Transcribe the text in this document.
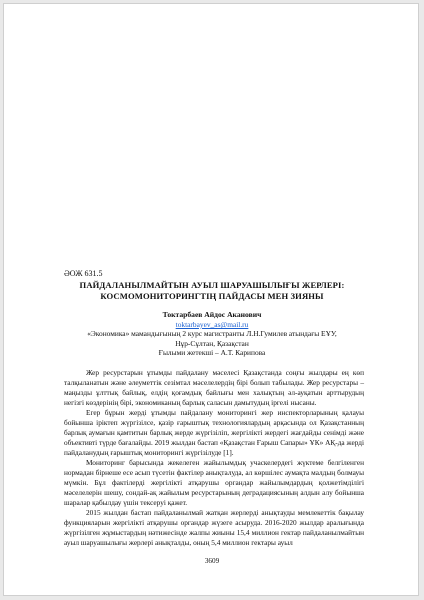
ӘОЖ 631.5
ПАЙДАЛАНЫЛМАЙТЫН АУЫЛ ШАРУАШЫЛЫҒЫ ЖЕРЛЕРІ:
КОСМОМОНИТОРИНГТІҢ ПАЙДАСЫ МЕН ЗИЯНЫ
Токтарбаев Айдос Аканович
toktarbayev_as@mail.ru
«Экономика» мамандығының 2 курс магистранты Л.Н.Гумилев атындағы ЕҰУ,
Нұр-Сұлтан, Қазақстан
Ғылыми жетекші – А.Т. Карипова

Жер ресурстарын ұтымды пайдалану мәселесі Қазақстанда соңғы жылдары ең көп талқыланатын және әлеуметтік сезімтал мәселелердің бірі болып табылады. Жер ресурстары – маңызды ұлттық байлық, елдің қоғамдық байлығы мен халықтың әл-ауқатын арттырудың негізгі көздерінің бірі, экономиканың барлық саласын дамытудың іргелі нысаны.

Егер бұрын жерді ұтымды пайдалану мониторингі жер инспекторларының қалауы бойынша іріктеп жүргізілсе, қазір ғарыштық технологиялардың арқасында ол Қазақстанның барлық аумағын қамтитын барлық жерде жүргізіліп, жергілікті жердегі жағдайды сенімді және объективті түрде бағалайды. 2019 жылдан бастап «Қазақстан Ғарыш Сапары» ҰК» АҚ-да жерді пайдаланудың ғарыштық мониторингі жүргізілуде [1].

Мониторинг барысында жекелеген жайылымдық учаскелердегі жүктеме белгіленген нормадан бірнеше есе асып түсетін фактілер анықталуда, ал көршілес аумақта малдың болмауы мүмкін. Бұл фактілерді жергілікті атқарушы органдар жайылымдардың қолжетімділігі мәселелерін шешу, сондай-ақ жайылым ресурстарының деградациясының алдын алу бойынша шаралар қабылдау үшін тексеруі қажет.

2015 жылдан бастап пайдаланылмай жатқан жерлерді анықтауды мемлекеттік бақылау функцияларын жергілікті атқарушы органдар жүзеге асыруда. 2016-2020 жылдар аралығында жүргізілген жұмыстардың нәтижесінде жалпы жиыны 15,4 миллион гектар пайдаланылмайтын ауыл шаруашылығы жерлері анықталды, оның 5,4 миллион гектары ауыл

3609
